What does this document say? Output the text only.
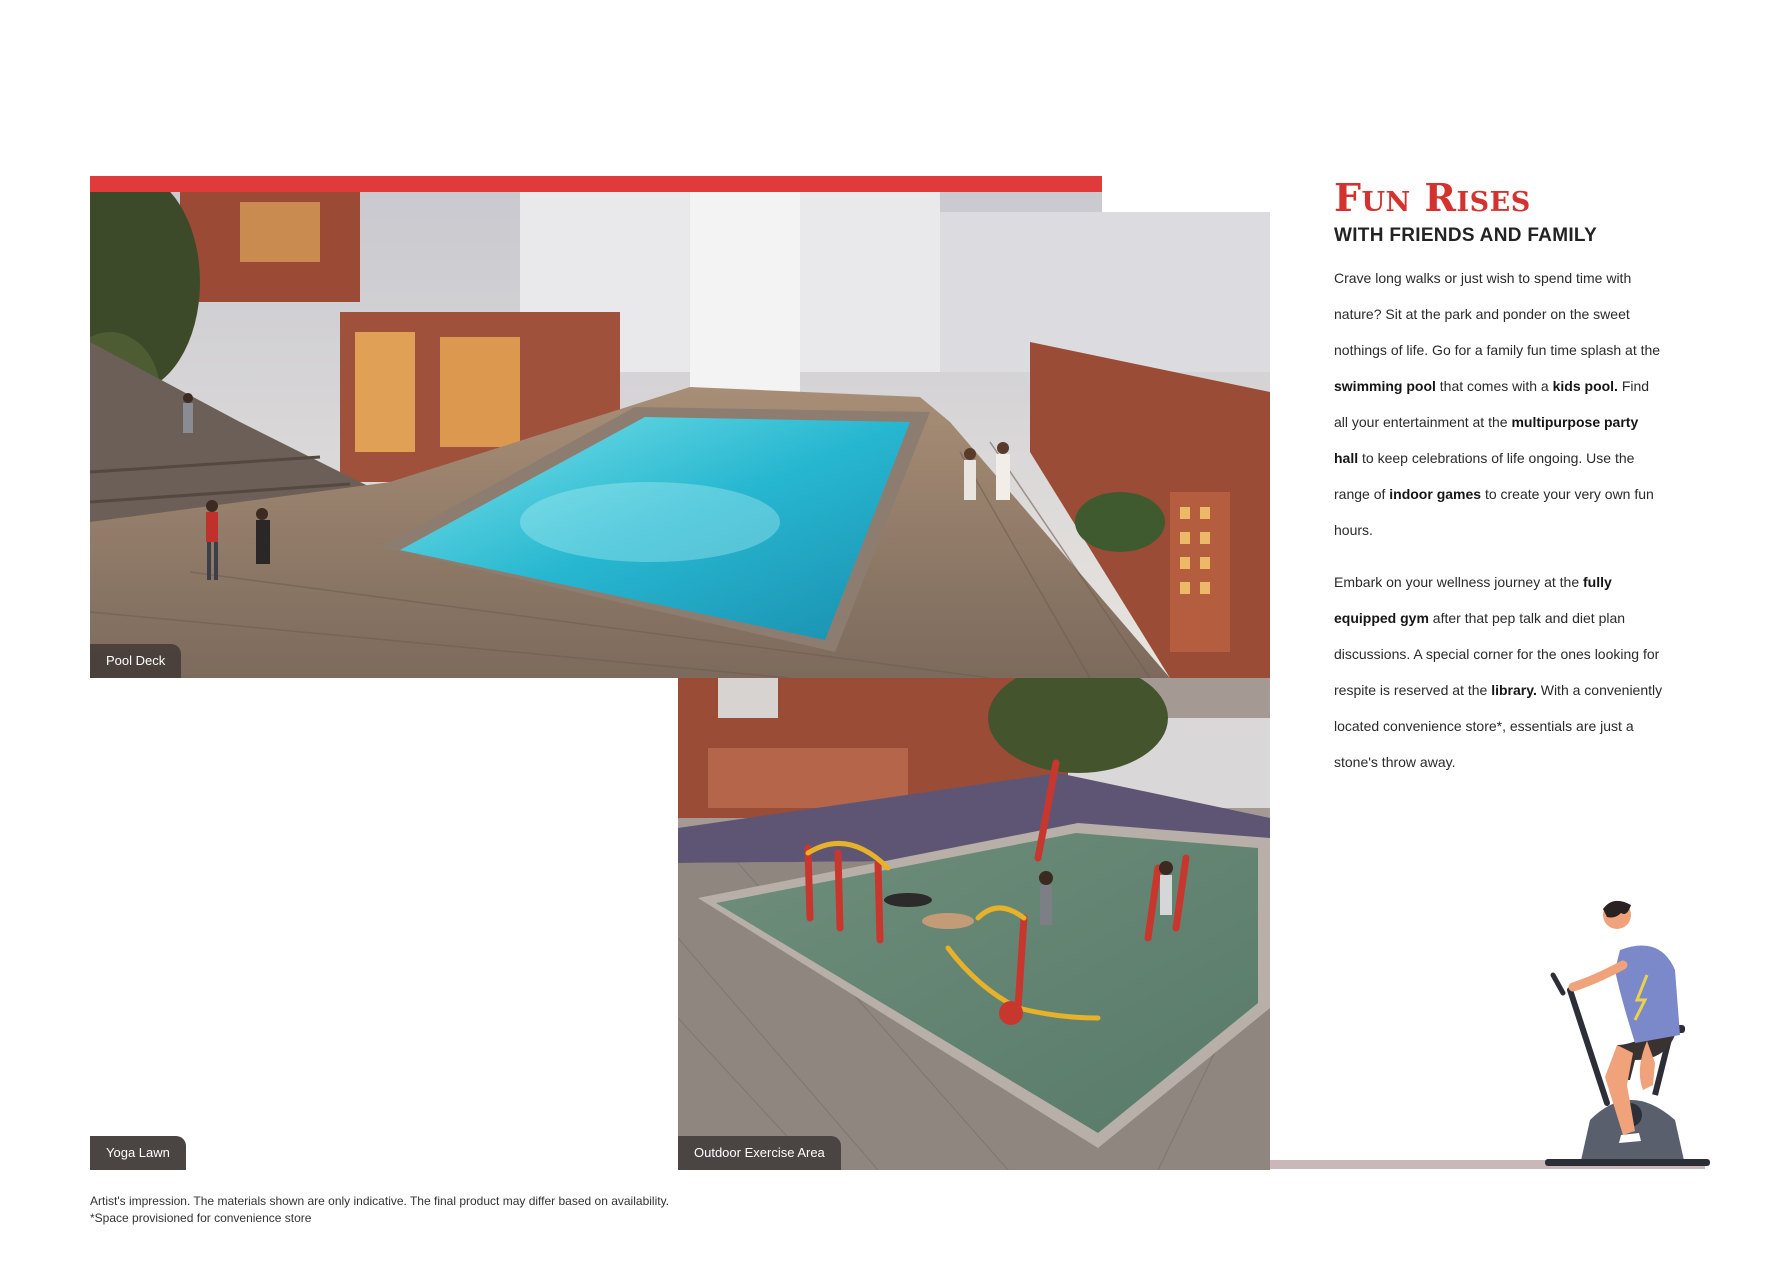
Pool Deck
Yoga Lawn	Outdoor Exercise Area
Fun Rises
WITH FRIENDS AND FAMILY

Crave long walks or just wish to spend time with nature? Sit at the park and ponder on the sweet nothings of life. Go for a family fun time splash at the swimming pool that comes with a kids pool. Find all your entertainment at the multipurpose party hall to keep celebrations of life ongoing. Use the range of indoor games to create your very own fun hours.

Embark on your wellness journey at the fully equipped gym after that pep talk and diet plan discussions. A special corner for the ones looking for respite is reserved at the library. With a conveniently located convenience store*, essentials are just a stone's throw away.

Artist's impression. The materials shown are only indicative. The final product may differ based on availability.
*Space provisioned for convenience store
